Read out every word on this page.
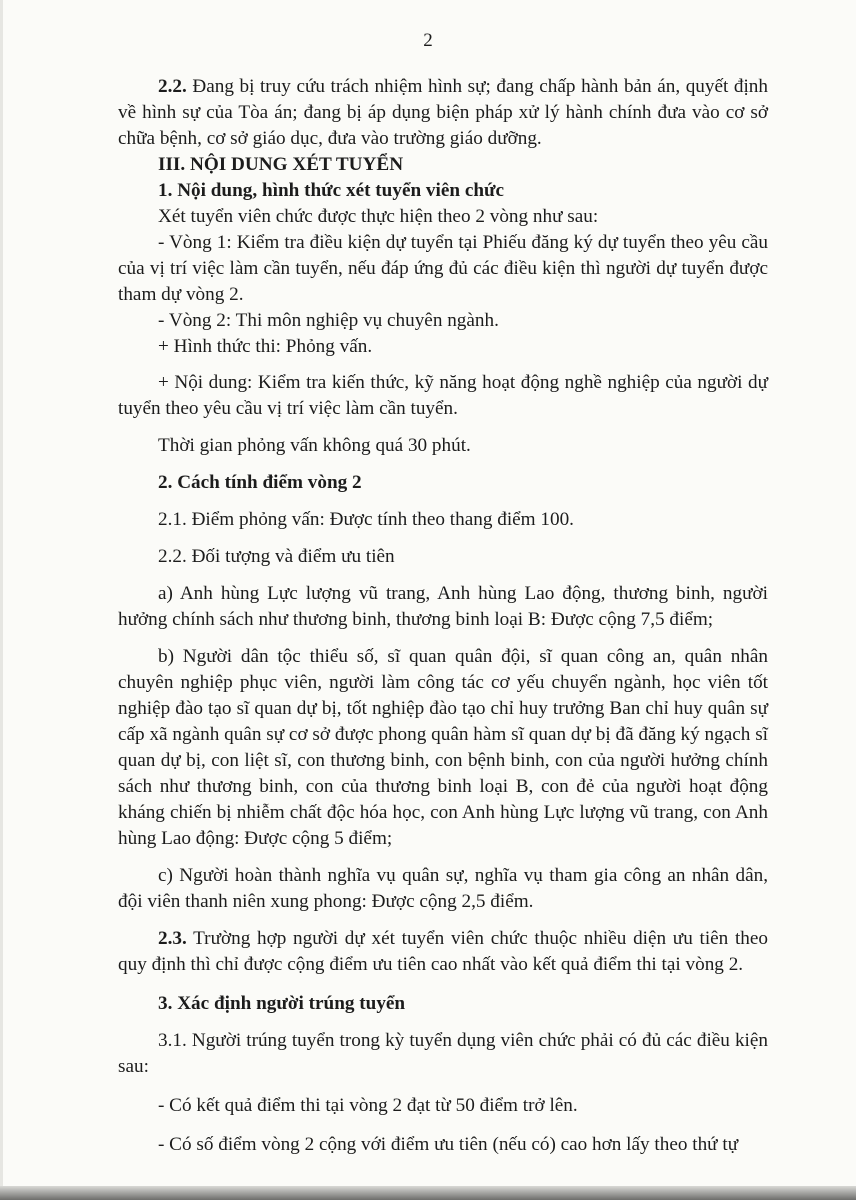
2

2.2. Đang bị truy cứu trách nhiệm hình sự; đang chấp hành bản án, quyết định về hình sự của Tòa án; đang bị áp dụng biện pháp xử lý hành chính đưa vào cơ sở chữa bệnh, cơ sở giáo dục, đưa vào trường giáo dưỡng.

III. NỘI DUNG XÉT TUYỂN

1. Nội dung, hình thức xét tuyển viên chức

Xét tuyển viên chức được thực hiện theo 2 vòng như sau:

- Vòng 1: Kiểm tra điều kiện dự tuyển tại Phiếu đăng ký dự tuyển theo yêu cầu của vị trí việc làm cần tuyển, nếu đáp ứng đủ các điều kiện thì người dự tuyển được tham dự vòng 2.

- Vòng 2: Thi môn nghiệp vụ chuyên ngành.

+ Hình thức thi: Phỏng vấn.

+ Nội dung: Kiểm tra kiến thức, kỹ năng hoạt động nghề nghiệp của người dự tuyển theo yêu cầu vị trí việc làm cần tuyển.

Thời gian phỏng vấn không quá 30 phút.

2. Cách tính điểm vòng 2

2.1. Điểm phỏng vấn: Được tính theo thang điểm 100.

2.2. Đối tượng và điểm ưu tiên

a) Anh hùng Lực lượng vũ trang, Anh hùng Lao động, thương binh, người hưởng chính sách như thương binh, thương binh loại B: Được cộng 7,5 điểm;

b) Người dân tộc thiểu số, sĩ quan quân đội, sĩ quan công an, quân nhân chuyên nghiệp phục viên, người làm công tác cơ yếu chuyển ngành, học viên tốt nghiệp đào tạo sĩ quan dự bị, tốt nghiệp đào tạo chỉ huy trưởng Ban chỉ huy quân sự cấp xã ngành quân sự cơ sở được phong quân hàm sĩ quan dự bị đã đăng ký ngạch sĩ quan dự bị, con liệt sĩ, con thương binh, con bệnh binh, con của người hưởng chính sách như thương binh, con của thương binh loại B, con đẻ của người hoạt động kháng chiến bị nhiễm chất độc hóa học, con Anh hùng Lực lượng vũ trang, con Anh hùng Lao động: Được cộng 5 điểm;

c) Người hoàn thành nghĩa vụ quân sự, nghĩa vụ tham gia công an nhân dân, đội viên thanh niên xung phong: Được cộng 2,5 điểm.

2.3. Trường hợp người dự xét tuyển viên chức thuộc nhiều diện ưu tiên theo quy định thì chỉ được cộng điểm ưu tiên cao nhất vào kết quả điểm thi tại vòng 2.

3. Xác định người trúng tuyển

3.1. Người trúng tuyển trong kỳ tuyển dụng viên chức phải có đủ các điều kiện sau:

- Có kết quả điểm thi tại vòng 2 đạt từ 50 điểm trở lên.

- Có số điểm vòng 2 cộng với điểm ưu tiên (nếu có) cao hơn lấy theo thứ tự
